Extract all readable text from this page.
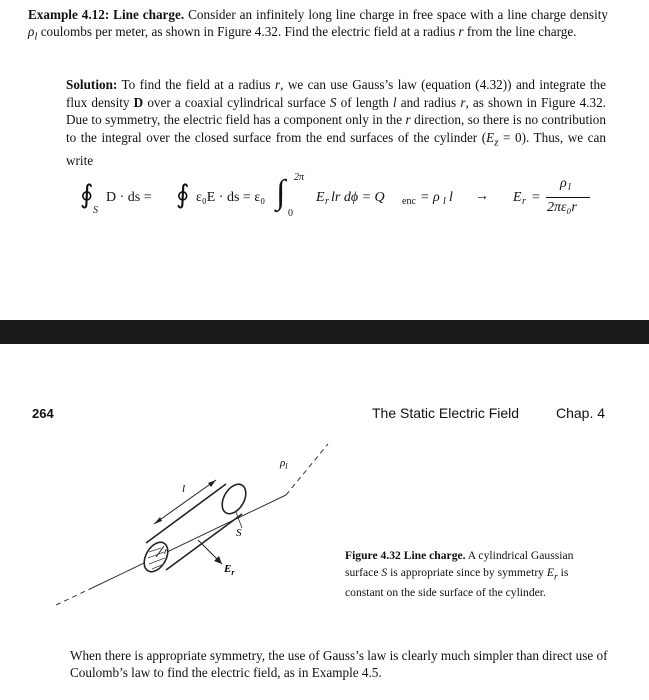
Example 4.12: Line charge. Consider an infinitely long line charge in free space with a line charge density $\rho_l$ coulombs per meter, as shown in Figure 4.32. Find the electric field at a radius r from the line charge.
Solution: To find the field at a radius r, we can use Gauss’s law (equation (4.32)) and integrate the flux density D over a coaxial cylindrical surface S of length l and radius r, as shown in Figure 4.32. Due to symmetry, the electric field has a component only in the r direction, so there is no contribution to the integral over the closed surface from the end surfaces of the cylinder $(E_z = 0)$. Thus, we can write
∮
S
D · ds = ∮ ε₀E · ds = ε₀ ∫ 2π
0
E r lr dϕ = Q enc = ρ l l → E r =
ρ l
2πε₀r
264	The Static Electric Field	Chap. 4
$\rho_l$
l
S
$E_r$
r	Figure 4.32 Line charge. A cylindrical Gaussian surface S is appropriate since by symmetry $E_r$ is constant on the side surface of the cylinder.
When there is appropriate symmetry, the use of Gauss’s law is clearly much simpler than direct use of Coulomb’s law to find the electric field, as in Example 4.5.
